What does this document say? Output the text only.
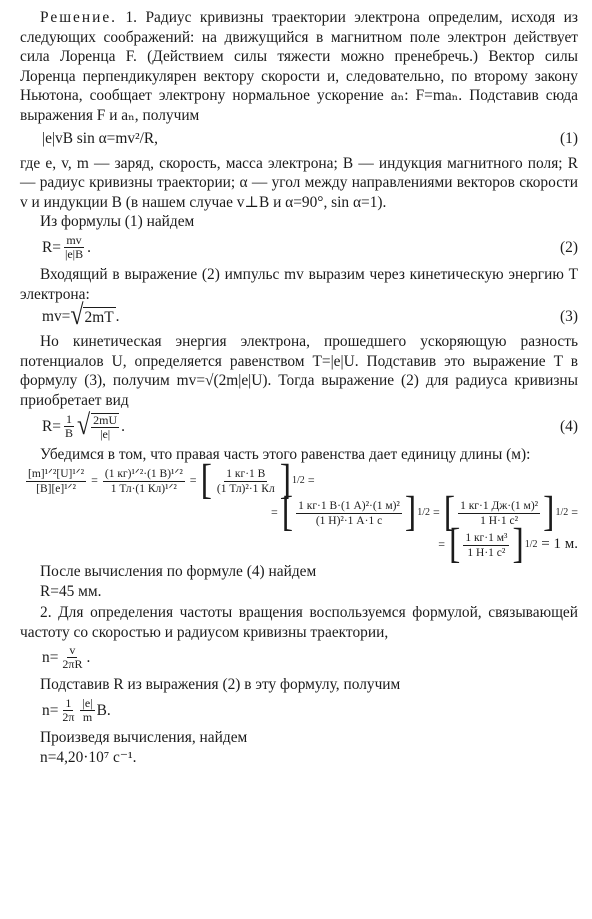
Решение. 1. Радиус кривизны траектории электрона определим, исходя из следующих соображений: на движущийся в магнитном поле электрон действует сила Лоренца F. (Действием силы тяжести можно пренебречь.) Вектор силы Лоренца перпендикулярен вектору скорости и, следовательно, по второму закону Ньютона, сообщает электрону нормальное ускорение aₙ: F=maₙ. Подставив сюда выражения F и aₙ, получим

|e|vB sin α=mv²/R,	(1)

где e, v, m — заряд, скорость, масса электрона; B — индукция магнитного поля; R — радиус кривизны траектории; α — угол между направлениями векторов скорости v и индукции B (в нашем случае v⊥B и α=90°, sin α=1).

Из формулы (1) найдем

$R= \frac{mv}{|e|B}$ .	(2)

Входящий в выражение (2) импульс mv выразим через кинетическую энергию T электрона:

mv= √ 2mT .	(3)

Но кинетическая энергия электрона, прошедшего ускоряющую разность потенциалов U, определяется равенством T=|e|U. Подставив это выражение T в формулу (3), получим mv=√(2m|e|U). Тогда выражение (2) для радиуса кривизны приобретает вид

$R= \frac{1}{B}$ √ $\frac{2mU}{|e|}$ .	(4)

Убедимся в том, что правая часть этого равенства дает единицу длины (м):

$\frac{\text{[m]¹ᐟ²[U]¹ᐟ²}}{\text{[B][e]¹ᐟ²}} = \frac{\text{(1 кг)¹ᐟ²·(1 В)¹ᐟ²}}{\text{1 Тл·(1 Кл)¹ᐟ²}}$ = [ $\frac{1 кг\cdot 1 В}{\text{(1 Тл)²·1 Кл}}$ ] 1/2 =
= [ $\frac{\text{1 кг·1 В·(1 А)²·(1 м)²}}{\text{(1 Н)²·1 А·1 с}}$ ] 1/2 = [ $\frac{\text{1 кг·1 Дж·(1 м)²}}{\text{1 Н·1 с²}}$ ] 1/2 =
= [ $\frac{\text{1 кг·1 м³}}{\text{1 Н·1 с²}}$ ] 1/2
= 1 м.

После вычисления по формуле (4) найдем

R=45 мм.

2. Для определения частоты вращения воспользуемся формулой, связывающей частоту со скоростью и радиусом кривизны траектории,

$n= \frac{v}{2\pi R}$ .

Подставив R из выражения (2) в эту формулу, получим

$n= \frac{1}{2\pi} \frac{|e|}{m} B$.

Произведя вычисления, найдем

n=4,20·10⁷ с⁻¹.
